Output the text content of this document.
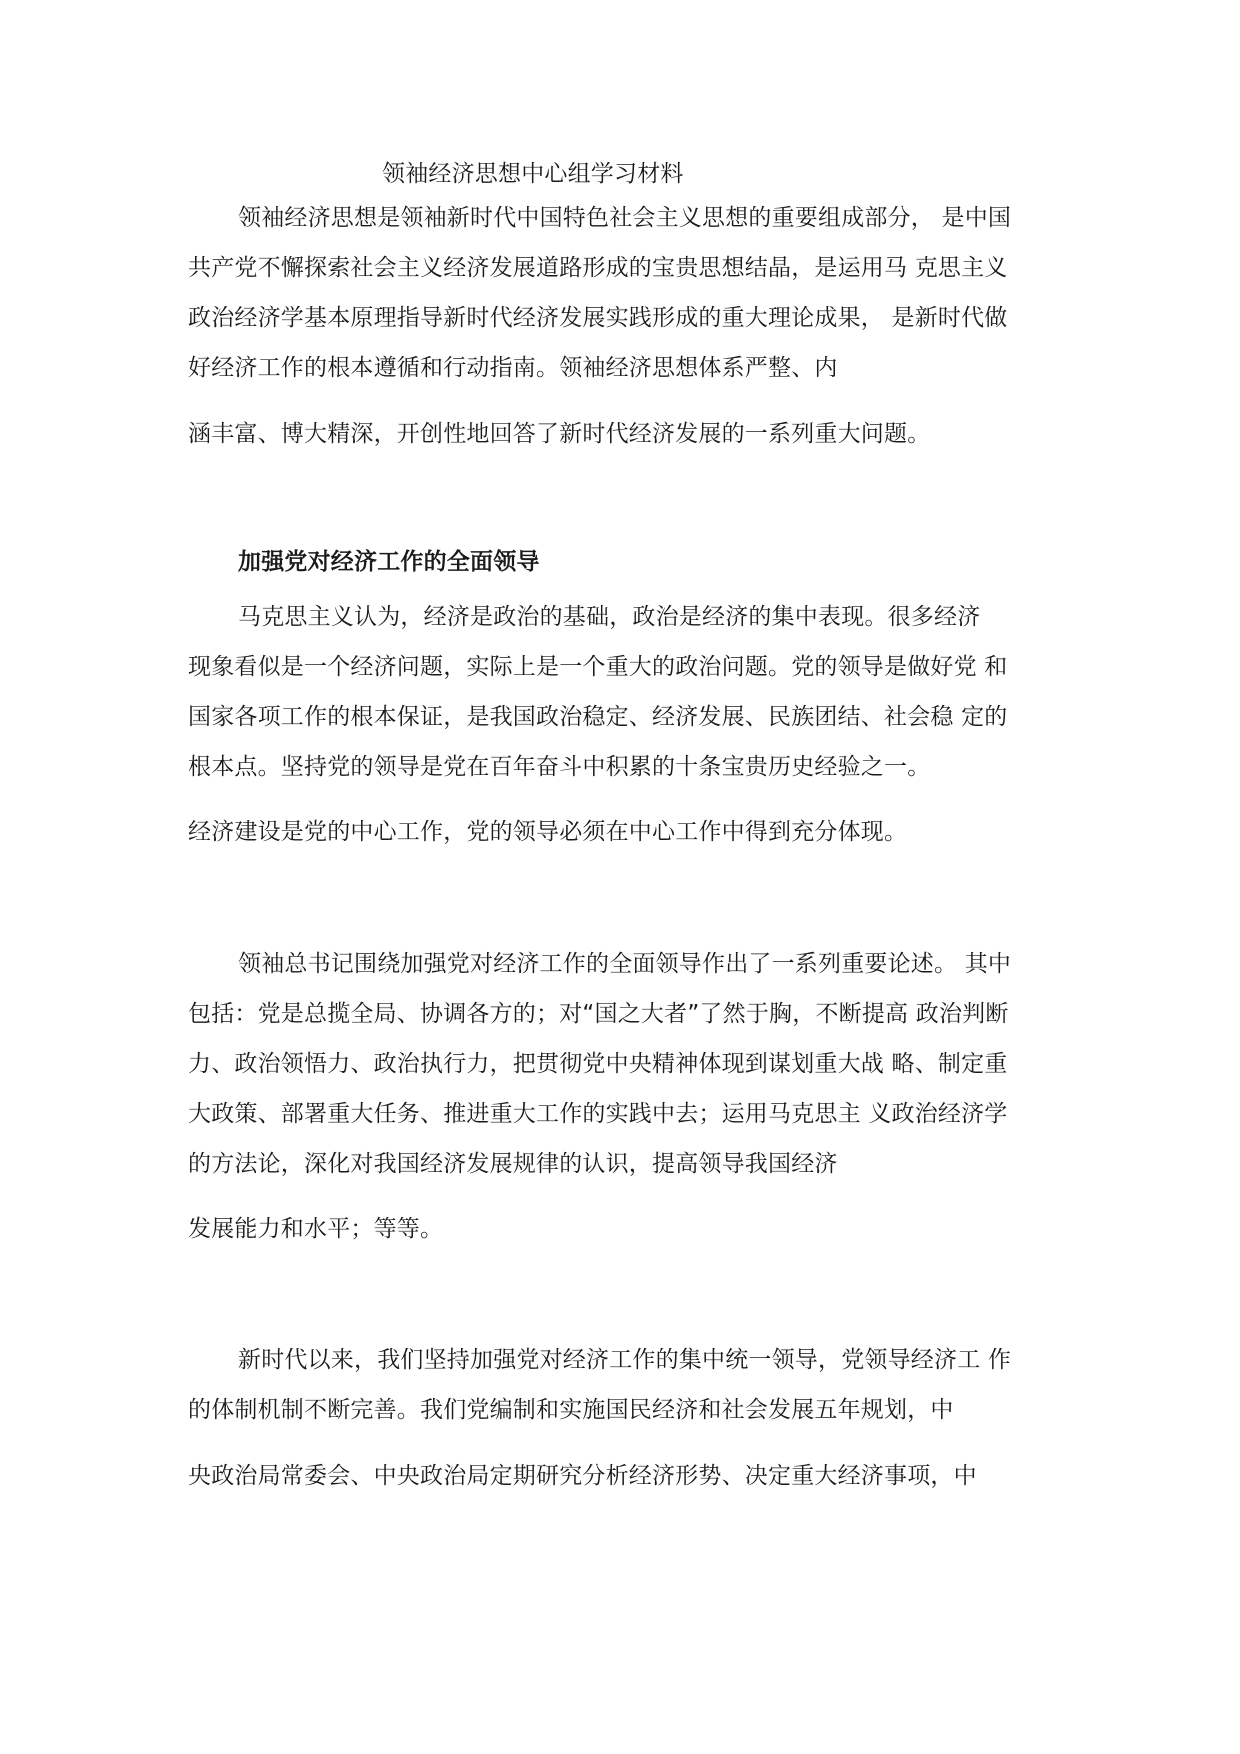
领袖经济思想中心组学习材料
领袖经济思想是领袖新时代中国特色社会主义思想的重要组成部分， 是中国
共产党不懈探索社会主义经济发展道路形成的宝贵思想结晶，是运用马 克思主义
政治经济学基本原理指导新时代经济发展实践形成的重大理论成果， 是新时代做
好经济工作的根本遵循和行动指南。领袖经济思想体系严整、内
涵丰富、博大精深，开创性地回答了新时代经济发展的一系列重大问题。
加强党对经济工作的全面领导
马克思主义认为，经济是政治的基础，政治是经济的集中表现。很多经济
现象看似是一个经济问题，实际上是一个重大的政治问题。党的领导是做好党 和
国家各项工作的根本保证，是我国政治稳定、经济发展、民族团结、社会稳 定的
根本点。坚持党的领导是党在百年奋斗中积累的十条宝贵历史经验之一。
经济建设是党的中心工作，党的领导必须在中心工作中得到充分体现。
领袖总书记围绕加强党对经济工作的全面领导作出了一系列重要论述。 其中
包括：党是总揽全局、协调各方的；对“国之大者”了然于胸，不断提高 政治判断
力、政治领悟力、政治执行力，把贯彻党中央精神体现到谋划重大战 略、制定重
大政策、部署重大任务、推进重大工作的实践中去；运用马克思主 义政治经济学
的方法论，深化对我国经济发展规律的认识，提高领导我国经济
发展能力和水平；等等。
新时代以来，我们坚持加强党对经济工作的集中统一领导，党领导经济工 作
的体制机制不断完善。我们党编制和实施国民经济和社会发展五年规划，中
央政治局常委会、中央政治局定期研究分析经济形势、决定重大经济事项，中
